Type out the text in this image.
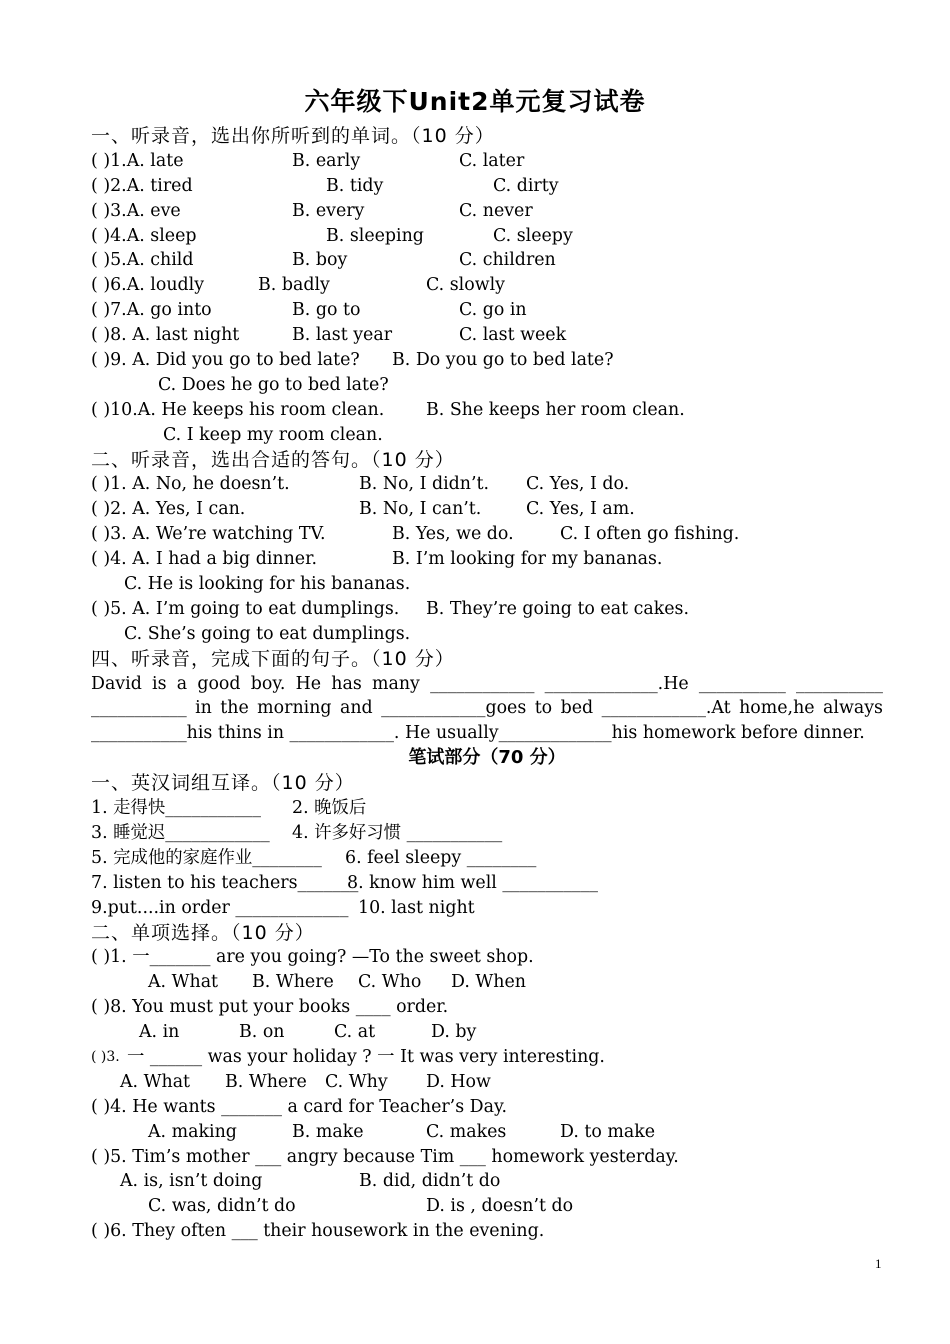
六年级下Unit2单元复习试卷
一、听录音，选出你所听到的单词。（10 分）
( )1.A. late	B. early	C. later
( )2.A. tired	B. tidy	C. dirty
( )3.A. eve	B. every	C. never
( )4.A. sleep	B. sleeping	C. sleepy
( )5.A. child	B. boy	C. children
( )6.A. loudly	B. badly	C. slowly
( )7.A. go into	B. go to	C. go in
( )8. A. last night	B. last year	C. last week
( )9. A. Did you go to bed late? B. Do you go to bed late?
C. Does he go to bed late?
( )10.A. He keeps his room clean. B. She keeps her room clean.
C. I keep my room clean.
二、听录音，选出合适的答句。（10 分）
( )1. A. No, he doesn’t.	B. No, I didn’t. C. Yes, I do.
( )2. A. Yes, I can.	B. No, I can’t.	C. Yes, I am.
( )3. A. We’re watching TV.	B. Yes, we do.	C. I often go fishing.
( )4. A. I had a big dinner.	B. I’m looking for my bananas.
C. He is looking for his bananas.
( )5. A. I’m going to eat dumplings. B. They’re going to eat cakes.
C. She’s going to eat dumplings.
四、听录音，完成下面的句子。（10 分）
David is a good boy. He has many ____________ _____________.He __________ __________
___________ in the morning and ____________goes to bed ____________.At home,he always
___________his thins in ____________. He usually_____________his homework before dinner.
笔试部分（70 分）
一、英汉词组互译。（10 分）
1. 走得快___________ 2. 晚饭后
3. 睡觉迟____________ 4. 许多好习惯 ___________
5. 完成他的家庭作业________ 6. feel sleepy ________
7. listen to his teachers_______
8. know him well ___________
9.put....in order _____________ 10. last night
二、单项选择。（10 分）
( )1. 一_______ are you going? —To the sweet shop.
A. What B. Where C. Who D. When
( )8. You must put your books ____ order.
A. in	B. on	C. at	D. by
( )3. 一 ______ was your holiday ? 一 It was very interesting.
A. What B. Where C. Why D. How
( )4. He wants _______ a card for Teacher’s Day.
A. making	B. make	C. makes	D. to make
( )5. Tim’s mother ___ angry because Tim ___ homework yesterday.
A. is, isn’t doing	B. did, didn’t do
C. was, didn’t do	D. is , doesn’t do
( )6. They often ___ their housework in the evening.
1
